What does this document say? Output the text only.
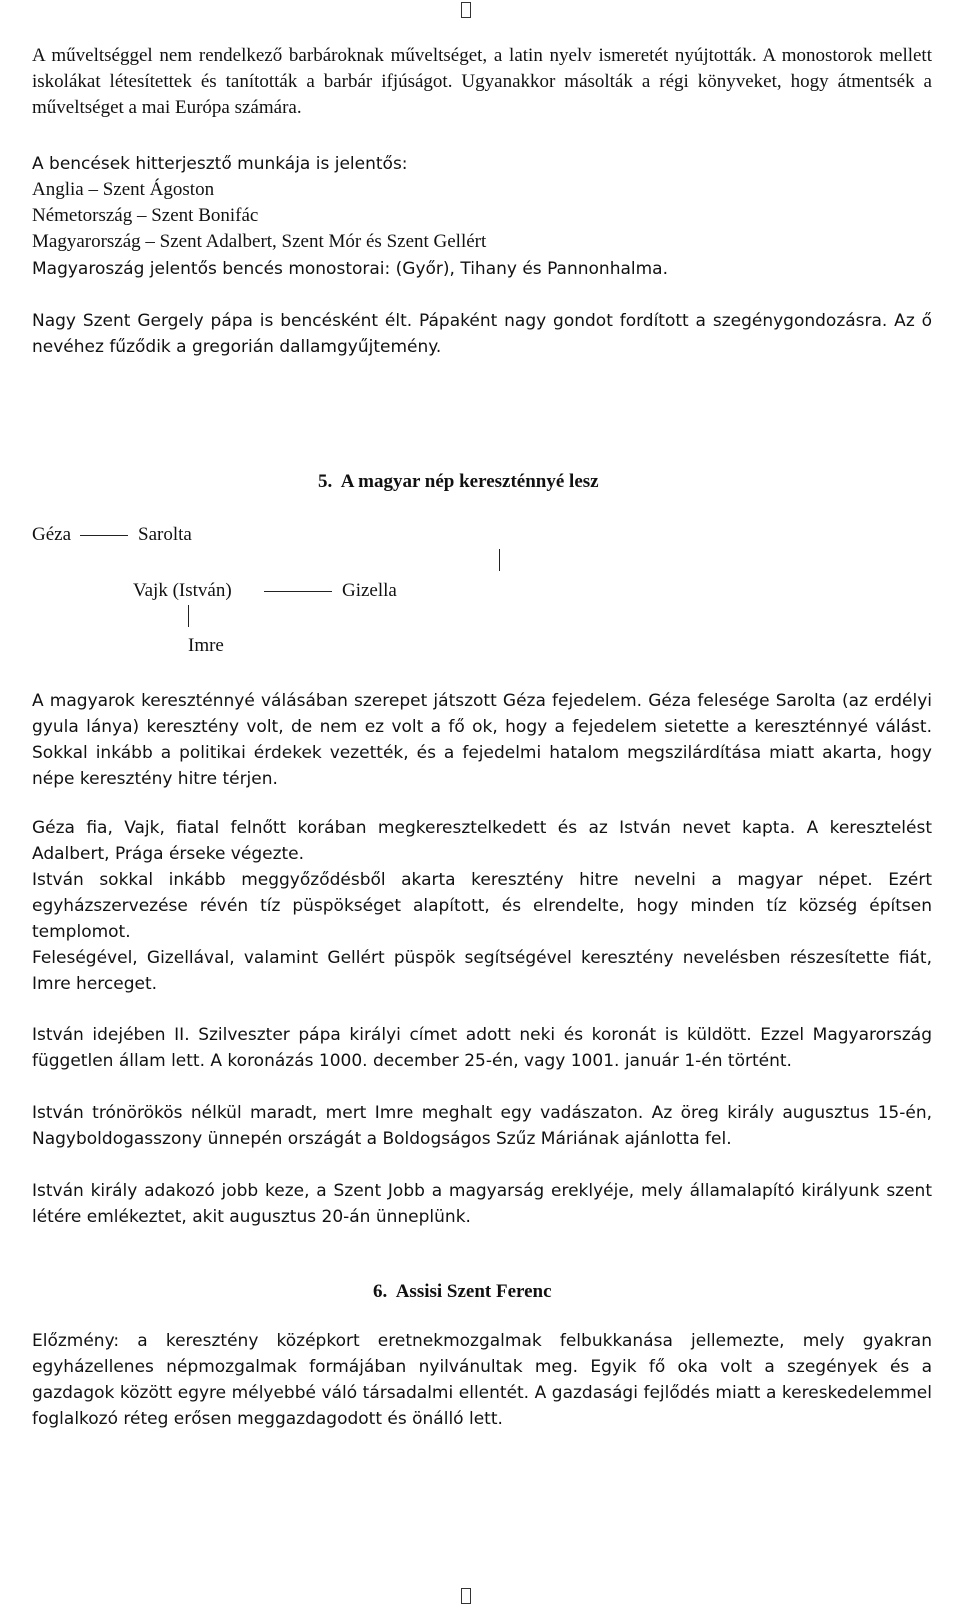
A műveltséggel nem rendelkező barbároknak műveltséget, a latin nyelv ismeretét nyújtották. A monostorok mellett iskolákat létesítettek és tanították a barbár ifjúságot. Ugyanakkor másolták a régi könyveket, hogy átmentsék a műveltséget a mai Európa számára.

A bencések hitterjesztő munkája is jelentős:
Anglia – Szent Ágoston
Németország – Szent Bonifác
Magyarország – Szent Adalbert, Szent Mór és Szent Gellért
Magyaroszág jelentős bencés monostorai: (Győr), Tihany és Pannonhalma.

Nagy Szent Gergely pápa is bencésként élt. Pápaként nagy gondot fordított a szegénygondozásra. Az ő nevéhez fűződik a gregorián dallamgyűjtemény.

5.  A magyar nép kereszténnyé lesz
Géza	Sarolta
Vajk (István)	Gizella
Imre

A magyarok kereszténnyé válásában szerepet játszott Géza fejedelem. Géza felesége Sarolta (az erdélyi gyula lánya) keresztény volt, de nem ez volt a fő ok, hogy a fejedelem sietette a kereszténnyé válást. Sokkal inkább a politikai érdekek vezették, és a fejedelmi hatalom megszilárdítása miatt akarta, hogy népe keresztény hitre térjen.

Géza fia, Vajk, fiatal felnőtt korában megkeresztelkedett és az István nevet kapta. A keresztelést Adalbert, Prága érseke végezte.

István sokkal inkább meggyőződésből akarta keresztény hitre nevelni a magyar népet. Ezért egyházszervezése révén tíz püspökséget alapított, és elrendelte, hogy minden tíz község építsen templomot.

Feleségével, Gizellával, valamint Gellért püspök segítségével keresztény nevelésben részesítette fiát, Imre herceget.

István idejében II. Szilveszter pápa királyi címet adott neki és koronát is küldött. Ezzel Magyarország független állam lett. A koronázás 1000. december 25-én, vagy 1001. január 1-én történt.

István trónörökös nélkül maradt, mert Imre meghalt egy vadászaton. Az öreg király augusztus 15-én, Nagyboldogasszony ünnepén országát a Boldogságos Szűz Máriának ajánlotta fel.

István király adakozó jobb keze, a Szent Jobb a magyarság ereklyéje, mely államalapító királyunk szent létére emlékeztet, akit augusztus 20-án ünneplünk.

6.  Assisi Szent Ferenc

Előzmény: a keresztény középkort eretnekmozgalmak felbukkanása jellemezte, mely gyakran egyházellenes népmozgalmak formájában nyilvánultak meg. Egyik fő oka volt a szegények és a gazdagok között egyre mélyebbé váló társadalmi ellentét. A gazdasági fejlődés miatt a kereskedelemmel foglalkozó réteg erősen meggazdagodott és önálló lett.
